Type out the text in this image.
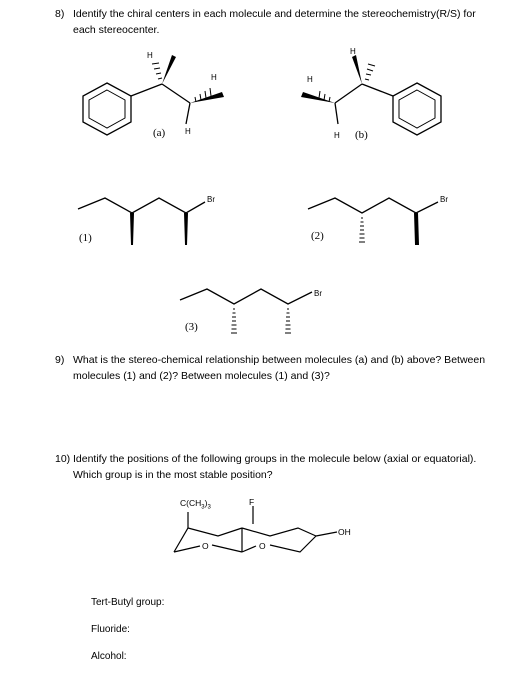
8) Identify the chiral centers in each molecule and determine the stereochemistry(R/S) for
each stereocenter.
H
H
H
(a)
H
H
H (b)
Br
(1)
Br
(2)
Br
(3)
9) What is the stereo-chemical relationship between molecules (a) and (b) above? Between
molecules (1) and (2)? Between molecules (1) and (3)?
10) Identify the positions of the following groups in the molecule below (axial or equatorial).
Which group is in the most stable position?
$C(CH_3)_3$
F
OH
O	O
Tert-Butyl group:
Fluoride:
Alcohol:
